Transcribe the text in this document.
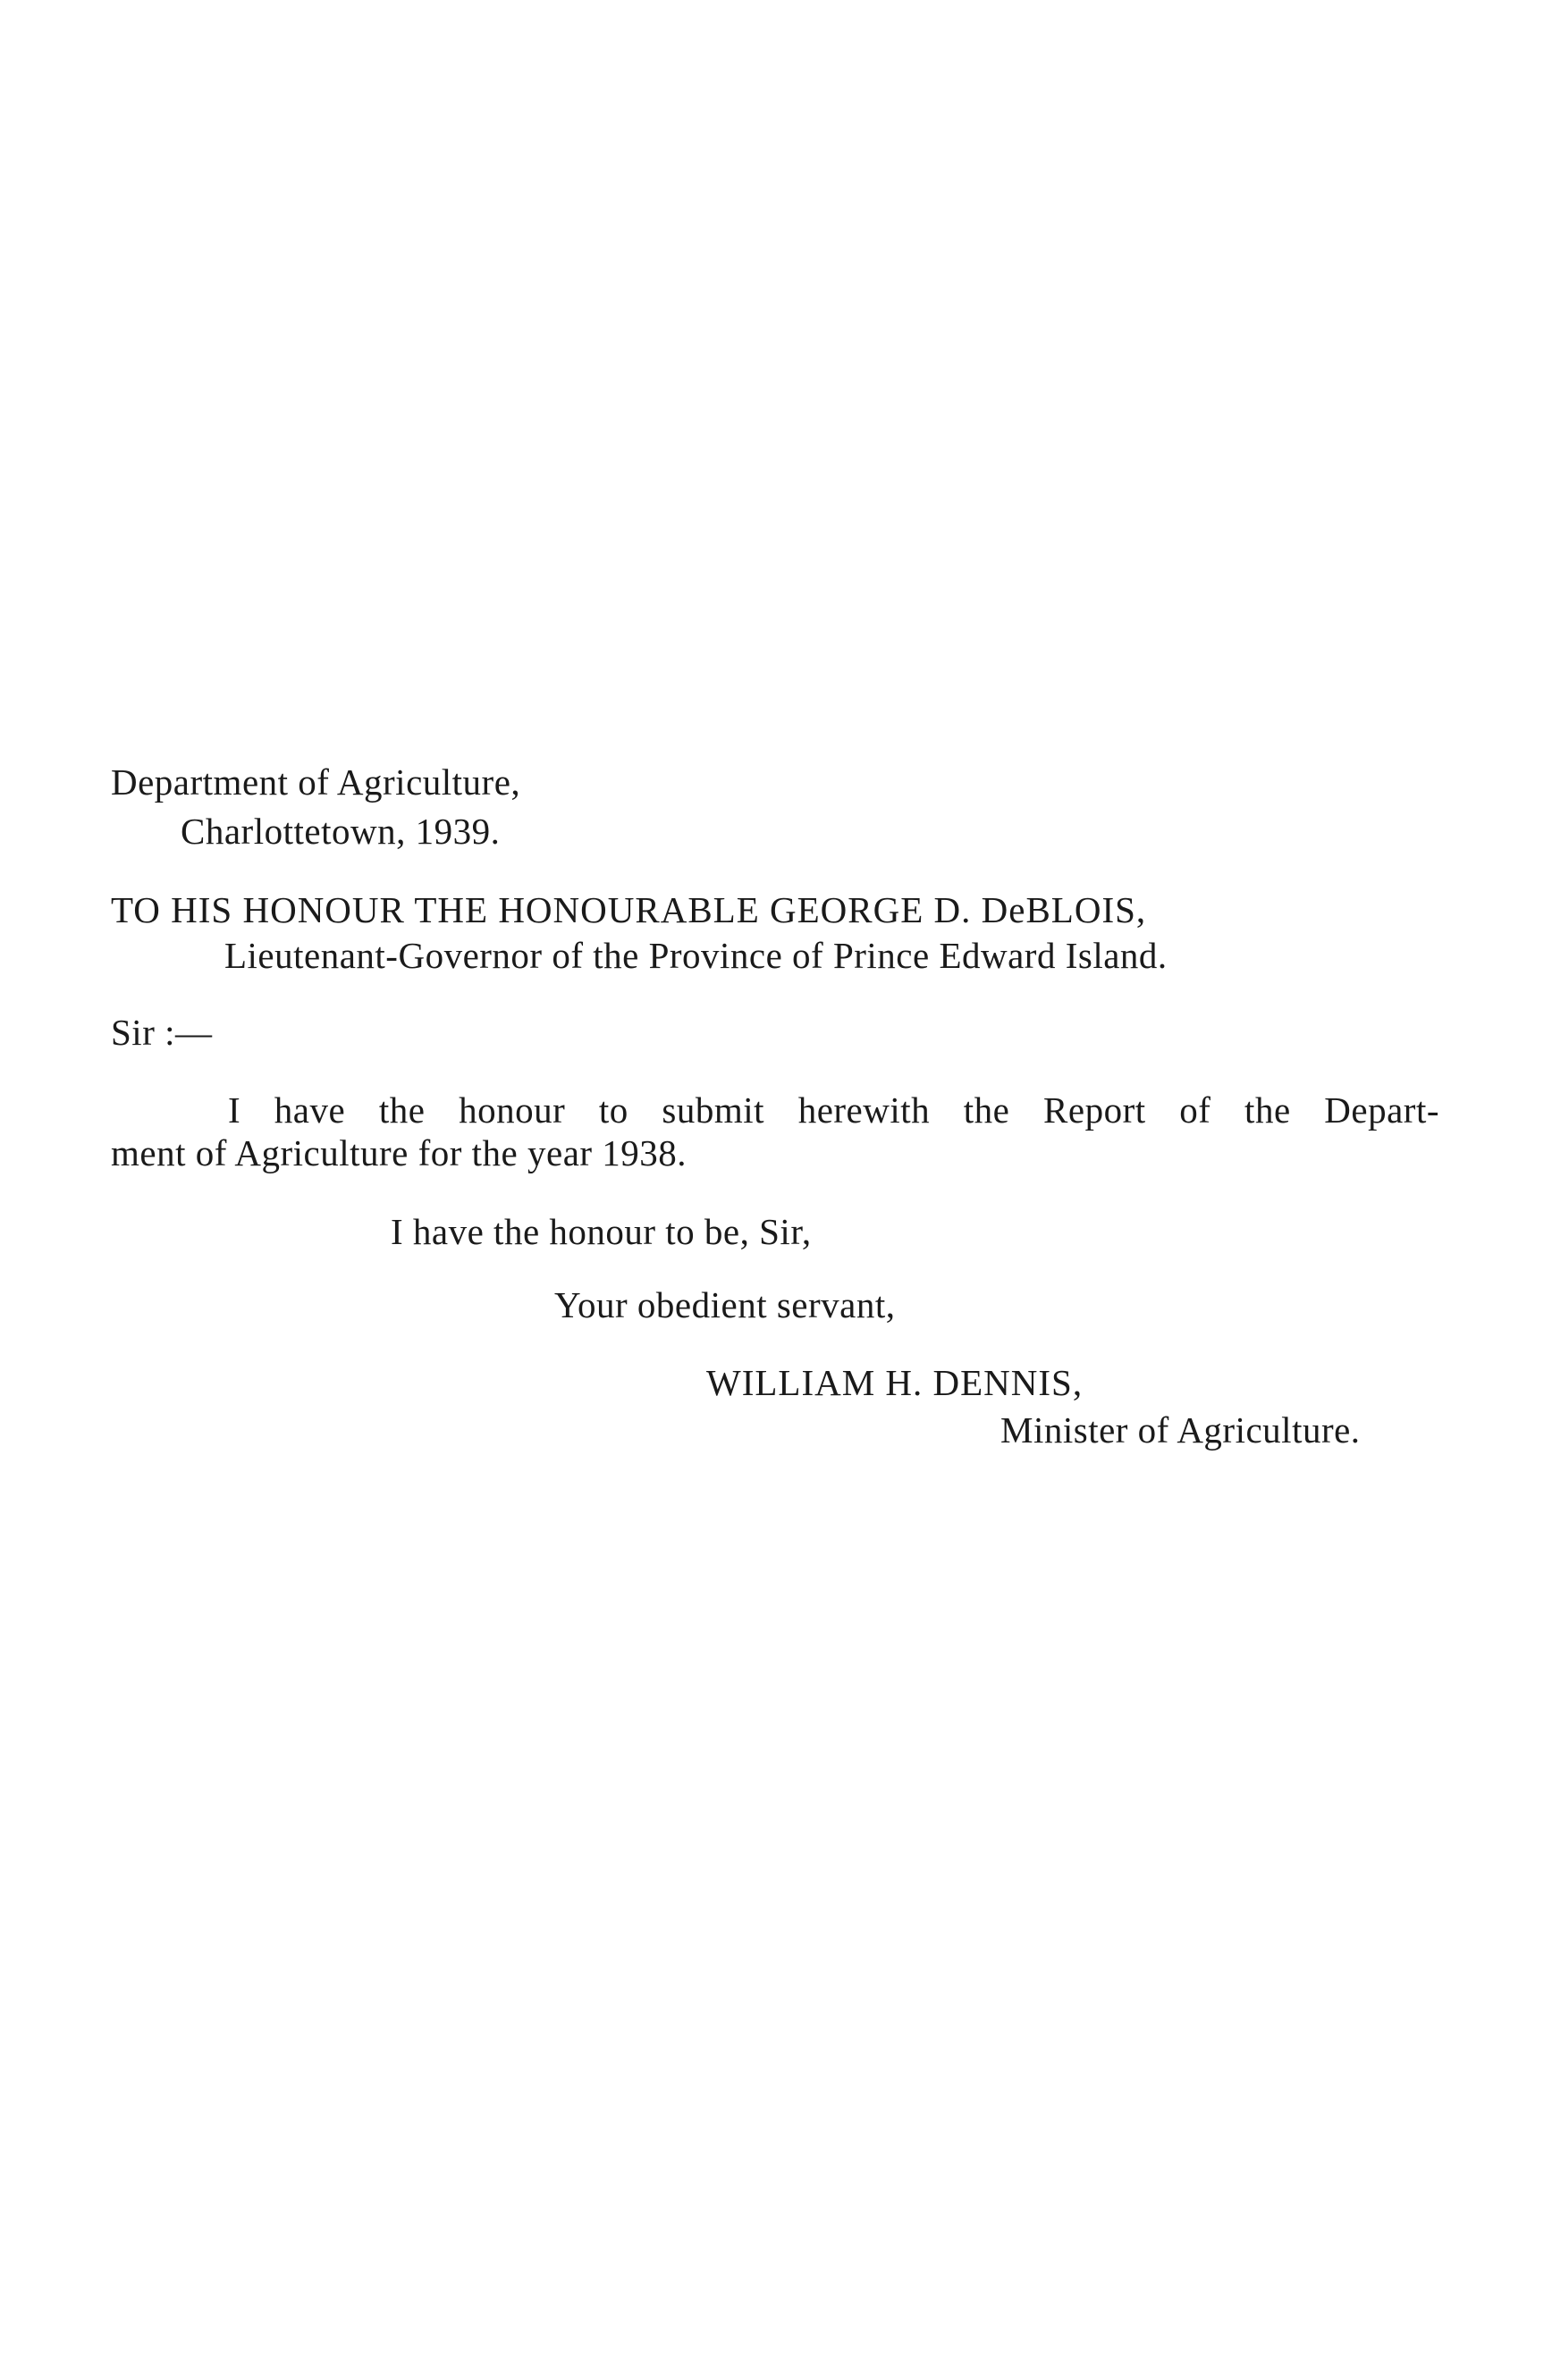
Department of Agriculture,
Charlottetown, 1939.
TO HIS HONOUR THE HONOURABLE GEORGE D. DeBLOIS,
Lieutenant-Governor of the Province of Prince Edward Island.
Sir :—
I have the honour to submit herewith the Report of the Depart-
ment of Agriculture for the year 1938.
I have the honour to be, Sir,
Your obedient servant,
WILLIAM H. DENNIS,
Minister of Agriculture.
